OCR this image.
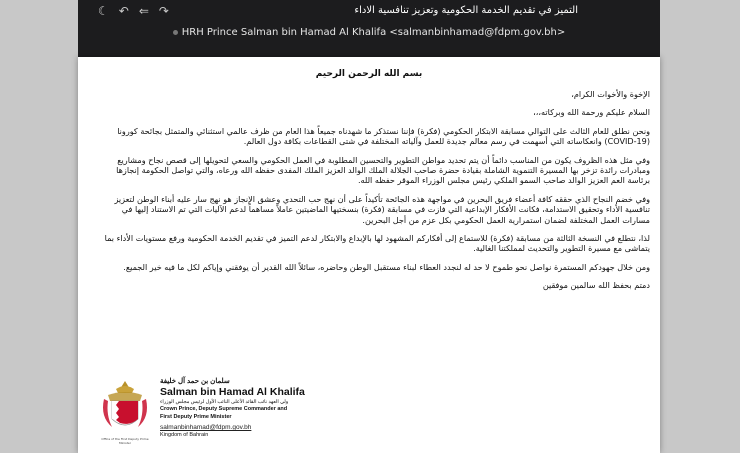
☾ ↶ ⇐ ↷	التميز في تقديم الخدمة الحكومية وتعزيز تنافسية الاداء
HRH Prince Salman bin Hamad Al Khalifa <salmanbinhamad@fdpm.gov.bh>
بسم الله الرحمن الرحيم

الإخوة والأخوات الكرام،

السلام عليكم ورحمة الله وبركاته،،،

ونحن نطلق للعام الثالث على التوالي مسابقة الابتكار الحكومي (فكرة) فإننا نستذكر ما شهدناه جميعاً هذا العام من ظرف عالمي استثنائي والمتمثل بجائحة كورونا (COVID-19) وانعكاساته التي أسهمت في رسم معالم جديدة للعمل وآلياته المختلفة في شتى القطاعات بكافة دول العالم.

وفي مثل هذه الظروف يكون من المناسب دائماً أن يتم تحديد مواطن التطوير والتحسين المطلوبة في العمل الحكومي والسعي لتحويلها إلى قصص نجاح ومشاريع ومبادرات رائدة تزخر بها المسيرة التنموية الشاملة بقيادة حضرة صاحب الجلالة الملك الوالد العزيز الملك المفدى حفظه الله ورعاه، والتي تواصل الحكومة إنجازها برئاسة العم العزيز الوالد صاحب السمو الملكي رئيس مجلس الوزراء الموقر حفظه الله.

وفي خضم النجاح الذي حققه كافة أعضاء فريق البحرين في مواجهة هذه الجائحة تأكيداً على أن نهج حب التحدي وعشق الإنجاز هو نهج سار عليه أبناء الوطن لتعزيز تنافسية الأداء وتحقيق الاستدامة، فكانت الأفكار الإبداعية التي فازت في مسابقة (فكرة) بنسختيها الماضيتين عاملاً مساهماً لدعم الآليات التي تم الاستناد إليها في مسارات العمل المختلفة لضمان استمرارية العمل الحكومي بكل عزم من أجل البحرين.

لذا، نتطلع في النسخة الثالثة من مسابقة (فكرة) للاستماع إلى أفكاركم المشهود لها بالإبداع والابتكار لدعم التميز في تقديم الخدمة الحكومية ورفع مستويات الأداء بما يتماشى مع مسيرة التطوير والتحديث لمملكتنا الغالية.

ومن خلال جهودكم المستمرة نواصل نحو طموح لا حد له لنجدد العطاء لبناء مستقبل الوطن وحاضره، سائلاً الله القدير أن يوفقني وإياكم لكل ما فيه خير الجميع.

دمتم بحفظ الله سالمين موفقين

Office of the First Deputy Prime Minister
سلمان بن حمد آل خليفة
Salman bin Hamad Al Khalifa
ولي العهد نائب القائد الأعلى النائب الأول لرئيس مجلس الوزراء
Crown Prince, Deputy Supreme Commander and
First Deputy Prime Minister
salmanbinhamad@fdpm.gov.bh
Kingdom of Bahrain
